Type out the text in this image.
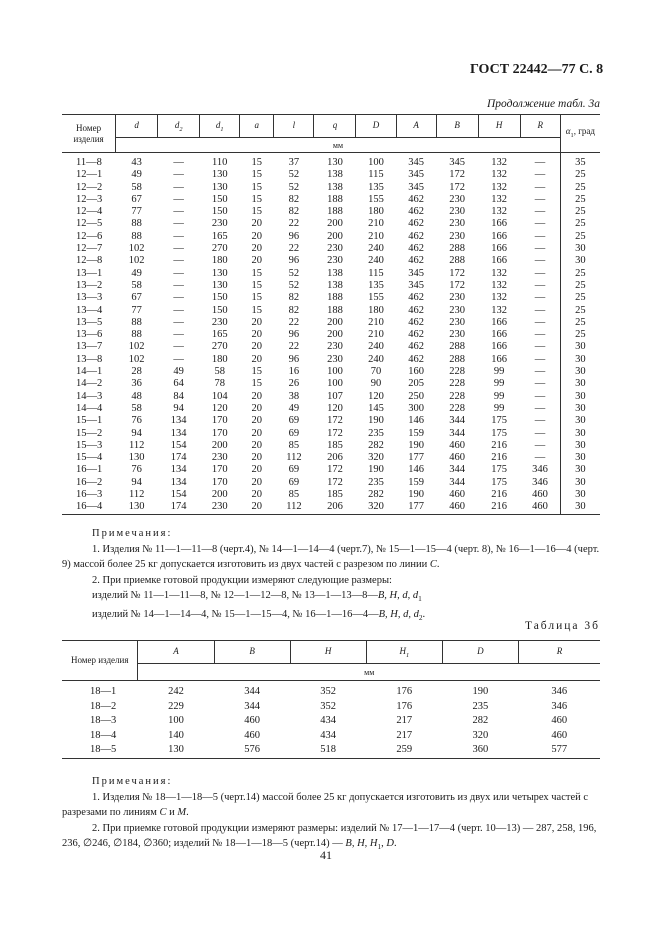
ГОСТ 22442—77 С. 8
Продолжение табл. 3а
Номер изделия	d	$d_2$	$d_1$	a	l	q	D	A	B	H	R	$\alpha_1$, град
	мм											

11—8	43	—	110	15	37	130	100	345	345	132	—	35
12—1	49	—	130	15	52	138	115	345	172	132	—	25
12—2	58	—	130	15	52	138	135	345	172	132	—	25
12—3	67	—	150	15	82	188	155	462	230	132	—	25
12—4	77	—	150	15	82	188	180	462	230	132	—	25
12—5	88	—	230	20	22	200	210	462	230	166	—	25
12—6	88	—	165	20	96	200	210	462	230	166	—	25
12—7	102	—	270	20	22	230	240	462	288	166	—	30
12—8	102	—	180	20	96	230	240	462	288	166	—	30
13—1	49	—	130	15	52	138	115	345	172	132	—	25
13—2	58	—	130	15	52	138	135	345	172	132	—	25
13—3	67	—	150	15	82	188	155	462	230	132	—	25
13—4	77	—	150	15	82	188	180	462	230	132	—	25
13—5	88	—	230	20	22	200	210	462	230	166	—	25
13—6	88	—	165	20	96	200	210	462	230	166	—	25
13—7	102	—	270	20	22	230	240	462	288	166	—	30
13—8	102	—	180	20	96	230	240	462	288	166	—	30
14—1	28	49	58	15	16	100	70	160	228	99	—	30
14—2	36	64	78	15	26	100	90	205	228	99	—	30
14—3	48	84	104	20	38	107	120	250	228	99	—	30
14—4	58	94	120	20	49	120	145	300	228	99	—	30
15—1	76	134	170	20	69	172	190	146	344	175	—	30
15—2	94	134	170	20	69	172	235	159	344	175	—	30
15—3	112	154	200	20	85	185	282	190	460	216	—	30
15—4	130	174	230	20	112	206	320	177	460	216	—	30
16—1	76	134	170	20	69	172	190	146	344	175	346	30
16—2	94	134	170	20	69	172	235	159	344	175	346	30
16—3	112	154	200	20	85	185	282	190	460	216	460	30
16—4	130	174	230	20	112	206	320	177	460	216	460	30
Примечания:
1. Изделия № 11—1—11—8 (черт.4), № 14—1—14—4 (черт.7), № 15—1—15—4 (черт. 8), № 16—1—16—4 (черт. 9) массой более 25 кг допускается изготовить из двух частей с разрезом по линии C.
2. При приемке готовой продукции измеряют следующие размеры:
изделий № 11—1—11—8, № 12—1—12—8, № 13—1—13—8—B, H, d, $d_1$
изделий № 14—1—14—4, № 15—1—15—4, № 16—1—16—4—B, H, d, $d_2$.
Таблица 3б
Номер изделия	A	B	H	$H_1$	D	R
	мм					

18—1	242	344	352	176	190	346
18—2	229	344	352	176	235	346
18—3	100	460	434	217	282	460
18—4	140	460	434	217	320	460
18—5	130	576	518	259	360	577
Примечания:
1. Изделия № 18—1—18—5 (черт.14) массой более 25 кг допускается изготовить из двух или четырех частей с разрезами по линиям C и M.
2. При приемке готовой продукции измеряют размеры: изделий № 17—1—17—4 (черт. 10—13) — 287, 258, 196, 236, ∅246, ∅184, ∅360; изделий № 18—1—18—5 (черт.14) — B, H, $H_1$, D.
41
